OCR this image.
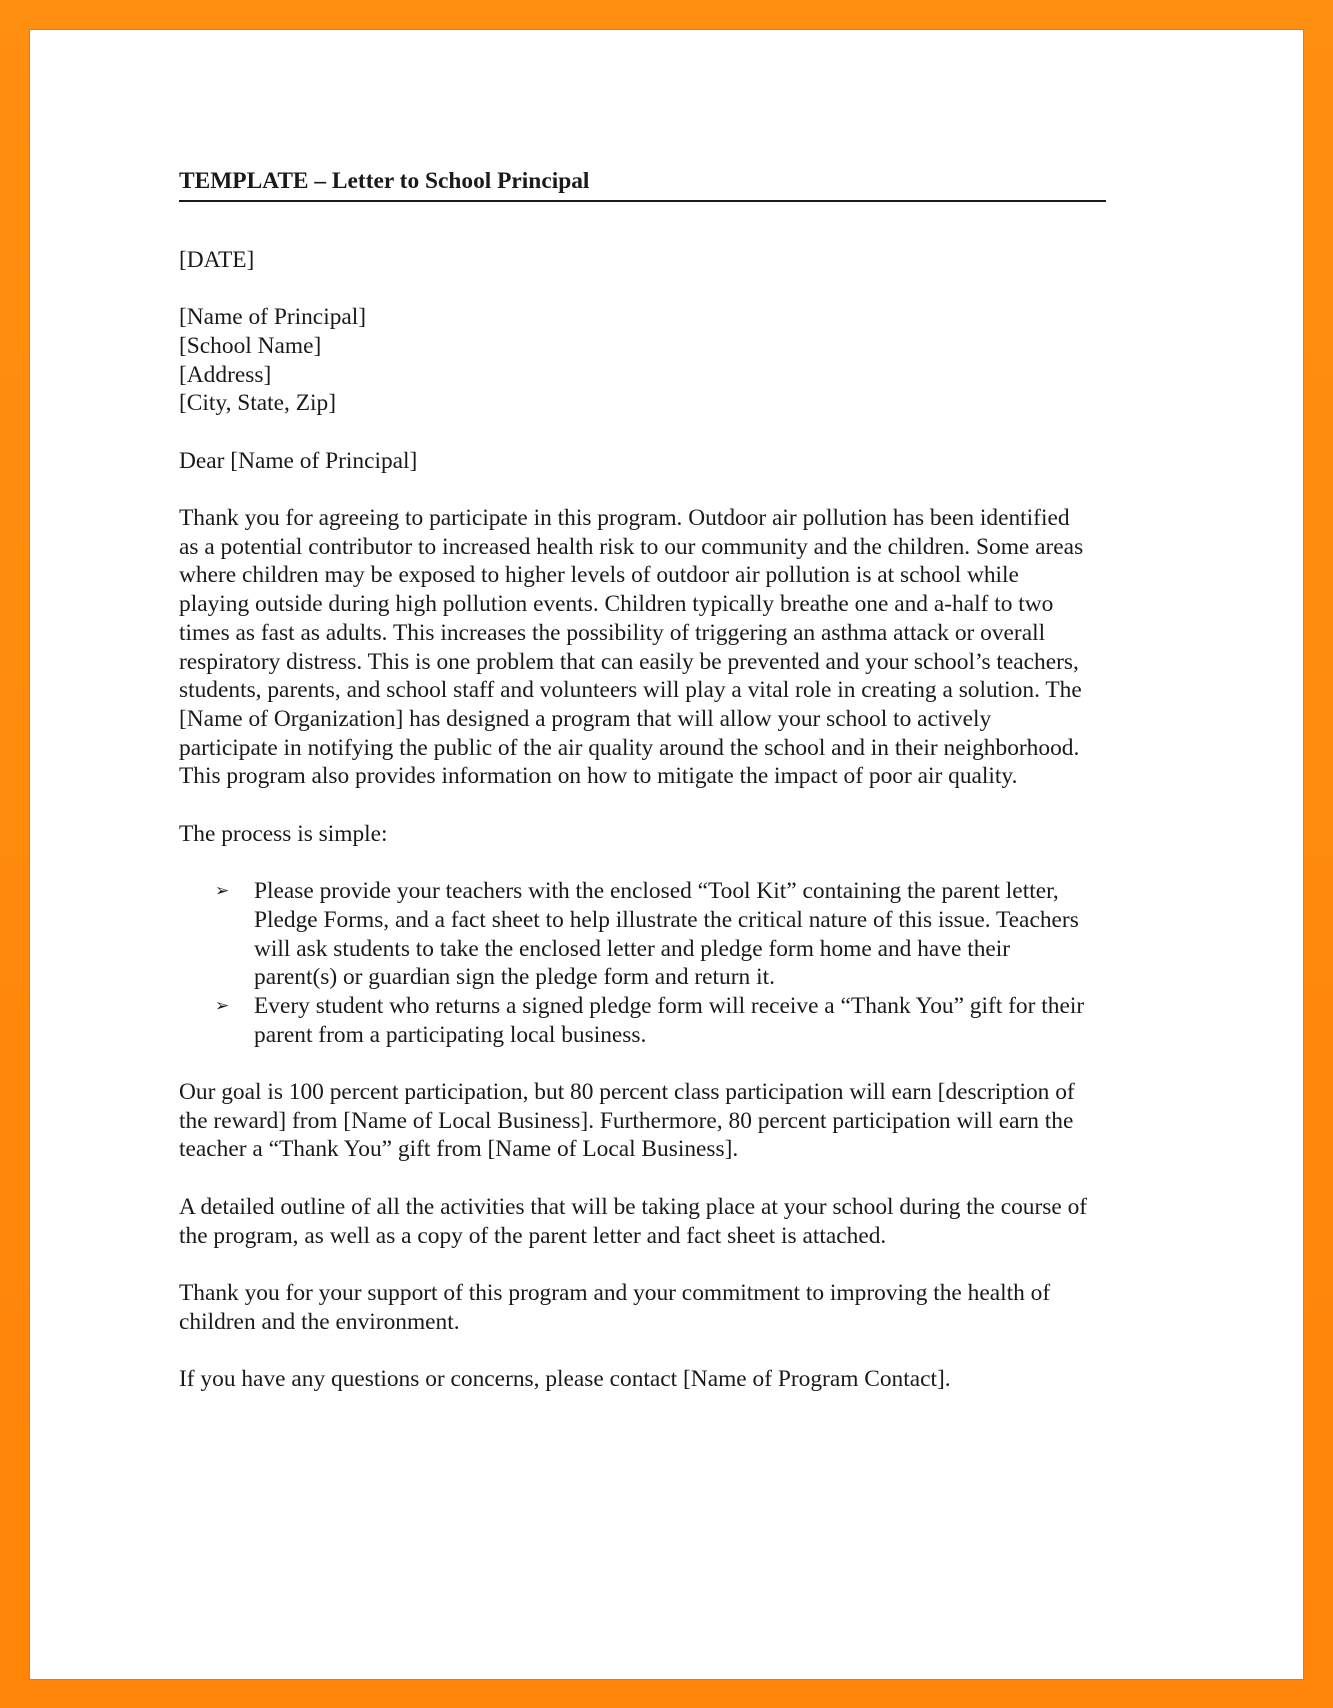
TEMPLATE – Letter to School Principal

[DATE]
[Name of Principal]
[School Name]
[Address]
[City, State, Zip]
Dear [Name of Principal]
Thank you for agreeing to participate in this program. Outdoor air pollution has been identified
as a potential contributor to increased health risk to our community and the children. Some areas
where children may be exposed to higher levels of outdoor air pollution is at school while
playing outside during high pollution events. Children typically breathe one and a-half to two
times as fast as adults. This increases the possibility of triggering an asthma attack or overall
respiratory distress. This is one problem that can easily be prevented and your school’s teachers,
students, parents, and school staff and volunteers will play a vital role in creating a solution. The
[Name of Organization] has designed a program that will allow your school to actively
participate in notifying the public of the air quality around the school and in their neighborhood.
This program also provides information on how to mitigate the impact of poor air quality.
The process is simple:
➢ Please provide your teachers with the enclosed “Tool Kit” containing the parent letter,
Pledge Forms, and a fact sheet to help illustrate the critical nature of this issue. Teachers
will ask students to take the enclosed letter and pledge form home and have their
parent(s) or guardian sign the pledge form and return it.
➢ Every student who returns a signed pledge form will receive a “Thank You” gift for their
parent from a participating local business.
Our goal is 100 percent participation, but 80 percent class participation will earn [description of
the reward] from [Name of Local Business]. Furthermore, 80 percent participation will earn the
teacher a “Thank You” gift from [Name of Local Business].
A detailed outline of all the activities that will be taking place at your school during the course of
the program, as well as a copy of the parent letter and fact sheet is attached.
Thank you for your support of this program and your commitment to improving the health of
children and the environment.
If you have any questions or concerns, please contact [Name of Program Contact].
